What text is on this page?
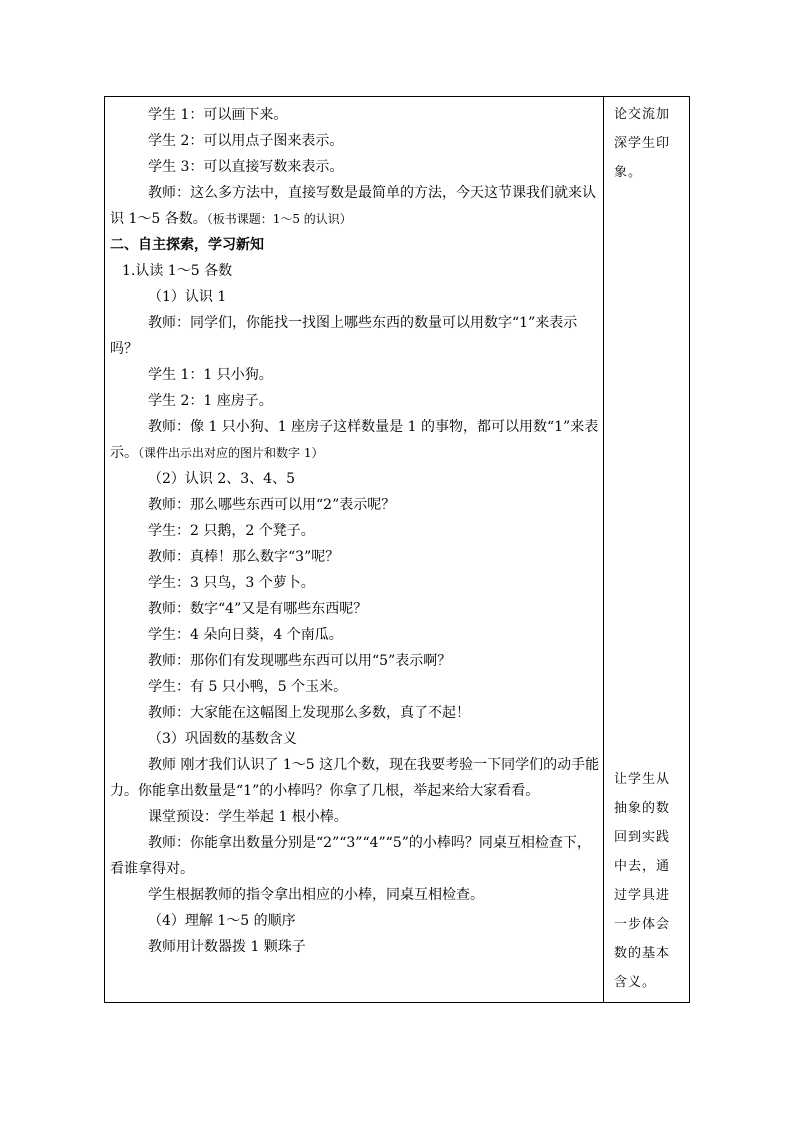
学生 1：可以画下来。

学生 2：可以用点子图来表示。

学生 3：可以直接写数来表示。

教师：这么多方法中，直接写数是最简单的方法，今天这节课我们就来认识 1～5 各数。（板书课题：1～5 的认识）

二、自主探索，学习新知

1.认读 1～5 各数

（1）认识 1

教师：同学们，你能找一找图上哪些东西的数量可以用数字“1”来表示吗？

学生 1：1 只小狗。

学生 2：1 座房子。

教师：像 1 只小狗、1 座房子这样数量是 1 的事物，都可以用数“1”来表示。（课件出示出对应的图片和数字 1）

（2）认识 2、3、4、5

教师：那么哪些东西可以用“2”表示呢？

学生：2 只鹅，2 个凳子。

教师：真棒！那么数字“3”呢？

学生：3 只鸟，3 个萝卜。

教师：数字“4”又是有哪些东西呢？

学生：4 朵向日葵，4 个南瓜。

教师：那你们有发现哪些东西可以用“5”表示啊？

学生：有 5 只小鸭，5 个玉米。

教师：大家能在这幅图上发现那么多数，真了不起！

（3）巩固数的基数含义

教师 刚才我们认识了 1～5 这几个数，现在我要考验一下同学们的动手能力。你能拿出数量是“1”的小棒吗？你拿了几根，举起来给大家看看。

课堂预设：学生举起 1 根小棒。

教师：你能拿出数量分别是“2”“3”“4”“5”的小棒吗？同桌互相检查下，看谁拿得对。

学生根据教师的指令拿出相应的小棒，同桌互相检查。

（4）理解 1～5 的顺序

教师用计数器拨 1 颗珠子

论交流加深学生印象。
让学生从抽象的数回到实践中去，通过学具进一步体会数的基本含义。
